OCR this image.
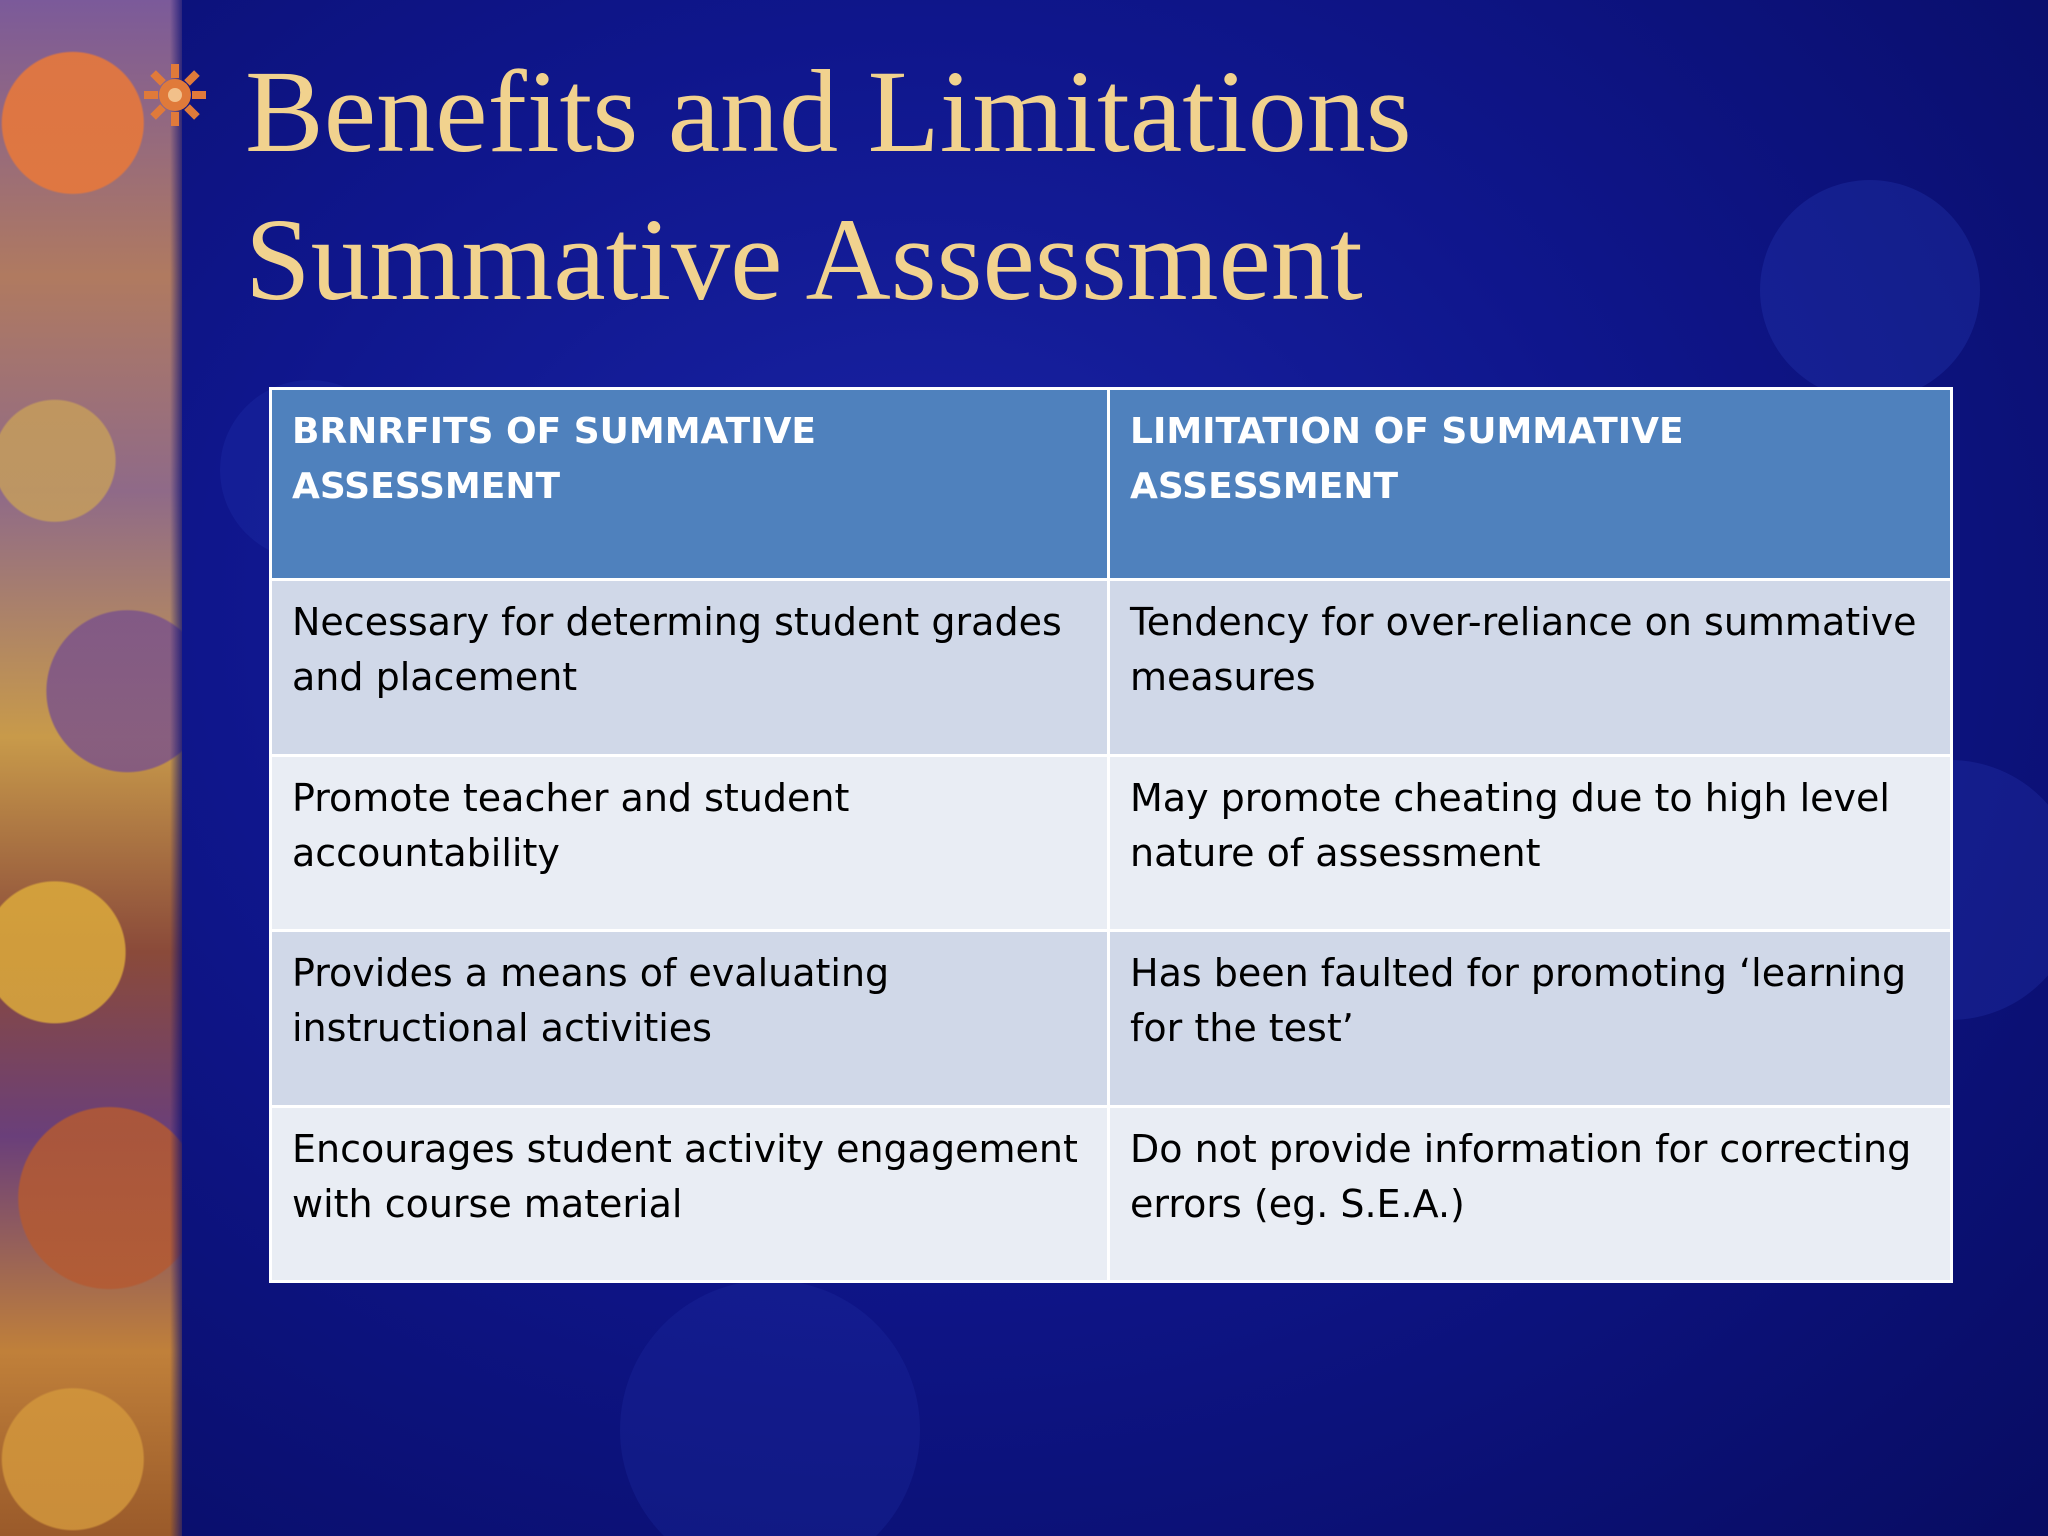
Benefits and Limitations
Summative Assessment
BRNRFITS OF SUMMATIVE ASSESSMENT	LIMITATION OF SUMMATIVE ASSESSMENT
Necessary for determing student grades and placement	Tendency for over-reliance on summative measures
Promote teacher and student accountability	May promote cheating due to high level nature of assessment
Provides a means of evaluating instructional activities	Has been faulted for promoting ‘learning for the test’
Encourages student activity engagement with course material	Do not provide information for correcting errors (eg. S.E.A.)
